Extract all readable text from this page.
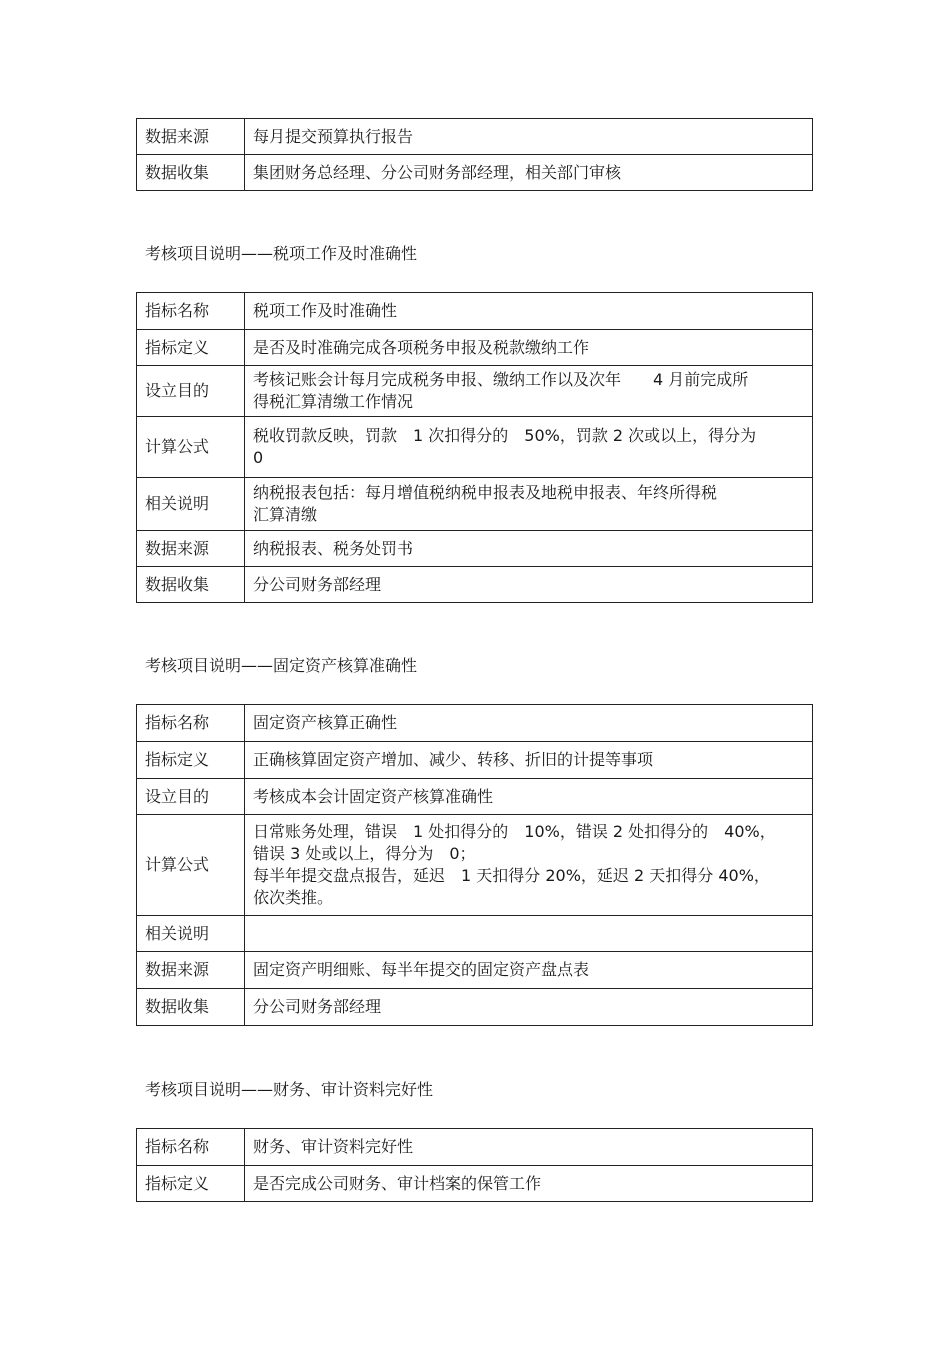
数据来源	每月提交预算执行报告
数据收集	集团财务总经理、分公司财务部经理，相关部门审核
考核项目说明——税项工作及时准确性
指标名称	税项工作及时准确性
指标定义	是否及时准确完成各项税务申报及税款缴纳工作
设立目的	考核记账会计每月完成税务申报、缴纳工作以及次年　　4 月前完成所
得税汇算清缴工作情况

计算公式	税收罚款反映，罚款　1 次扣得分的　50%，罚款 2 次或以上，得分为
0

相关说明	纳税报表包括：每月增值税纳税申报表及地税申报表、年终所得税
汇算清缴

数据来源	纳税报表、税务处罚书
数据收集	分公司财务部经理
考核项目说明——固定资产核算准确性
指标名称	固定资产核算正确性
指标定义	正确核算固定资产增加、减少、转移、折旧的计提等事项
设立目的	考核成本会计固定资产核算准确性
计算公式	日常账务处理，错误　1 处扣得分的　10%，错误 2 处扣得分的　40%，
错误 3 处或以上，得分为　0；
每半年提交盘点报告，延迟　1 天扣得分 20%，延迟 2 天扣得分 40%，
依次类推。

相关说明	
数据来源	固定资产明细账、每半年提交的固定资产盘点表
数据收集	分公司财务部经理
考核项目说明——财务、审计资料完好性
指标名称	财务、审计资料完好性
指标定义	是否完成公司财务、审计档案的保管工作
